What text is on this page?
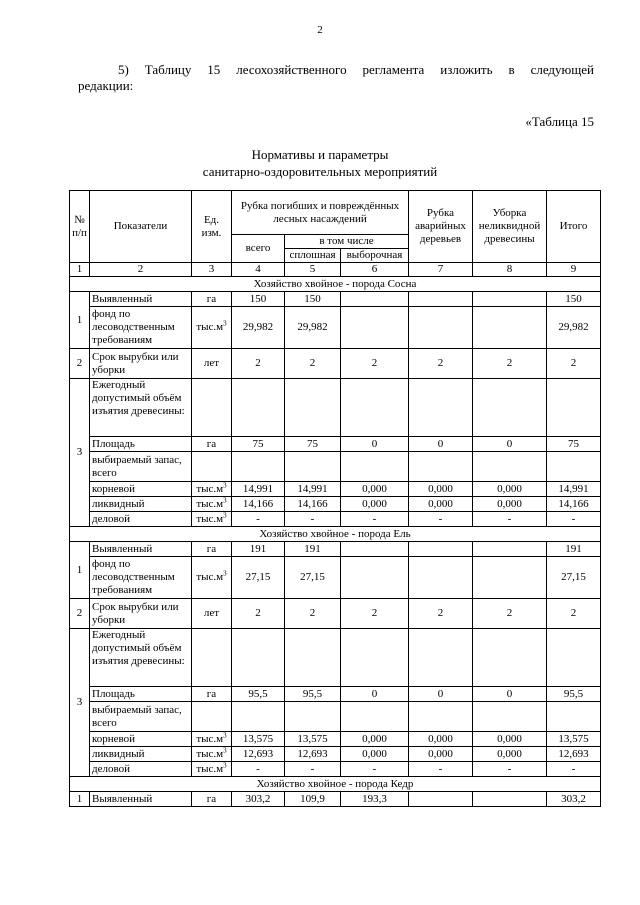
2
5) Таблицу 15 лесохозяйственного регламента изложить в следующей
редакции:
«Таблица 15
Нормативы и параметры
санитарно-оздоровительных мероприятий
№ п/п	Показатели	Ед. изм.	Рубка погибших и повреждённых лесных насаждений			Рубка аварийных деревьев	Уборка неликвидной древесины	Итого
			всего	в том числе				
				сплошная	выборочная			
1	2	3	4	5	6	7	8	9
Хозяйство хвойное - порода Сосна								
1	Выявленный	га	150	150				150
	фонд по лесоводственным требованиям	$тыс.м^3$	29,982	29,982				29,982
2	Срок вырубки или уборки	лет	2	2	2	2	2	2
3	Ежегодный допустимый объём изъятия древесины:							
	Площадь	га	75	75	0	0	0	75
	выбираемый запас, всего							
	корневой	$тыс.м^3$	14,991	14,991	0,000	0,000	0,000	14,991
	ликвидный	$тыс.м^3$	14,166	14,166	0,000	0,000	0,000	14,166
	деловой	$тыс.м^3$	-	-	-	-	-	-
Хозяйство хвойное - порода Ель								
1	Выявленный	га	191	191				191
	фонд по лесоводственным требованиям	$тыс.м^3$	27,15	27,15				27,15
2	Срок вырубки или уборки	лет	2	2	2	2	2	2
3	Ежегодный допустимый объём изъятия древесины:							
	Площадь	га	95,5	95,5	0	0	0	95,5
	выбираемый запас, всего							
	корневой	$тыс.м^3$	13,575	13,575	0,000	0,000	0,000	13,575
	ликвидный	$тыс.м^3$	12,693	12,693	0,000	0,000	0,000	12,693
	деловой	$тыс.м^3$	-	-	-	-	-	-
Хозяйство хвойное - порода Кедр								
1	Выявленный	га	303,2	109,9	193,3			303,2
